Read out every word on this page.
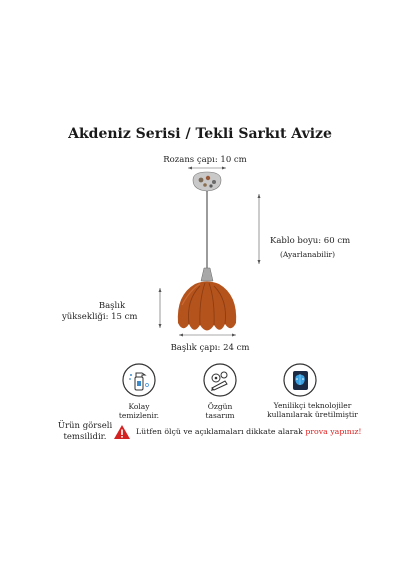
Akdeniz Serisi / Tekli Sarkıt Avize
Rozans çapı: 10 cm
Kablo boyu: 60 cm
(Ayarlanabilir)
Başlık
yüksekliği: 15 cm
Başlık çapı: 24 cm
Kolay
temizlenir.
Özgün
tasarım
Yenilikçi teknolojiler
kullanılarak üretilmiştir
Ürün görseli
temsilidir.
Lütfen ölçü ve açıklamaları dikkate alarak prova yapınız!
